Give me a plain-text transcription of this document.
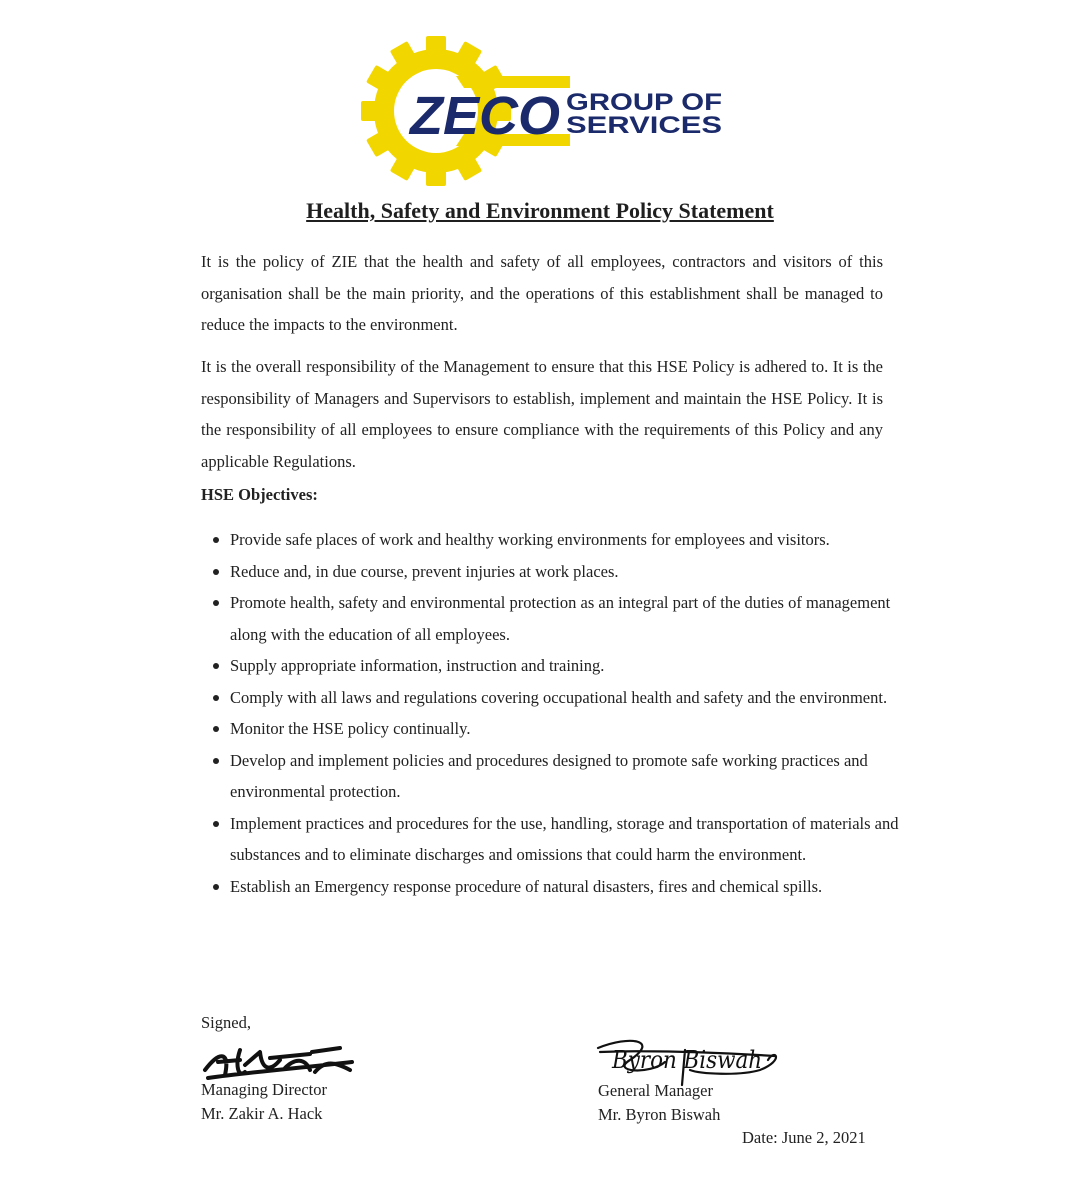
ZECO GROUP OF
SERVICES
Health, Safety and Environment Policy Statement

It is the policy of ZIE that the health and safety of all employees, contractors and visitors of this organisation shall be the main priority, and the operations of this establishment shall be managed to reduce the impacts to the environment.

It is the overall responsibility of the Management to ensure that this HSE Policy is adhered to. It is the responsibility of Managers and Supervisors to establish, implement and maintain the HSE Policy. It is the responsibility of all employees to ensure compliance with the requirements of this Policy and any applicable Regulations.

HSE Objectives:
Provide safe places of work and healthy working environments for employees and visitors.
Reduce and, in due course, prevent injuries at work places.
Promote health, safety and environmental protection as an integral part of the duties of management along with the education of all employees.
Supply appropriate information, instruction and training.
Comply with all laws and regulations covering occupational health and safety and the environment.
Monitor the HSE policy continually.
Develop and implement policies and procedures designed to promote safe working practices and environmental protection.
Implement practices and procedures for the use, handling, storage and transportation of materials and substances and to eliminate discharges and omissions that could harm the environment.
Establish an Emergency response procedure of natural disasters, fires and chemical spills.
Signed,
Byron Biswah
Managing Director
Mr. Zakir A. Hack
General Manager
Mr. Byron Biswah
Date: June 2, 2021
